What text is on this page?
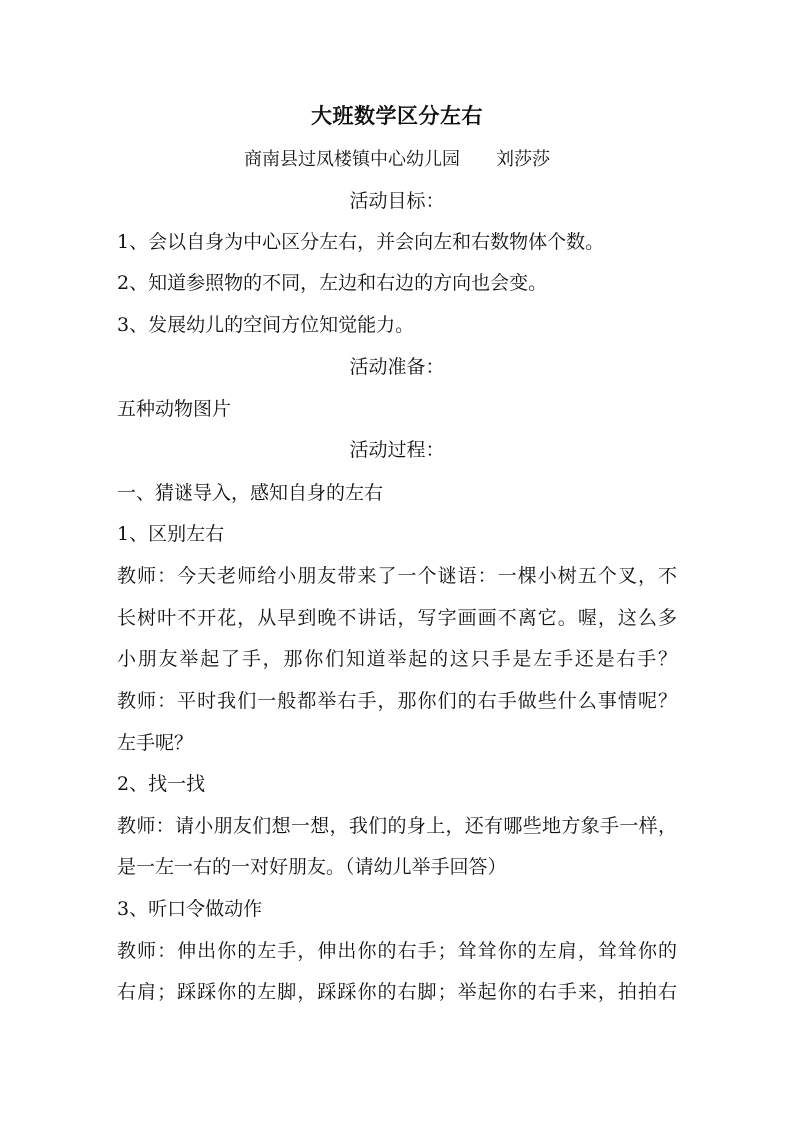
大班数学区分左右
商南县过凤楼镇中心幼儿园　　刘莎莎
活动目标：
1、会以自身为中心区分左右，并会向左和右数物体个数。
2、知道参照物的不同，左边和右边的方向也会变。
3、发展幼儿的空间方位知觉能力。
活动准备：
五种动物图片
活动过程：
一、猜谜导入，感知自身的左右
1、区别左右
教师：今天老师给小朋友带来了一个谜语：一棵小树五个叉，不
长树叶不开花，从早到晚不讲话，写字画画不离它。喔，这么多
小朋友举起了手，那你们知道举起的这只手是左手还是右手？
教师：平时我们一般都举右手，那你们的右手做些什么事情呢？
左手呢？
2、找一找
教师：请小朋友们想一想，我们的身上，还有哪些地方象手一样，
是一左一右的一对好朋友。（请幼儿举手回答）
3、听口令做动作
教师：伸出你的左手，伸出你的右手；耸耸你的左肩，耸耸你的
右肩；踩踩你的左脚，踩踩你的右脚；举起你的右手来，拍拍右
